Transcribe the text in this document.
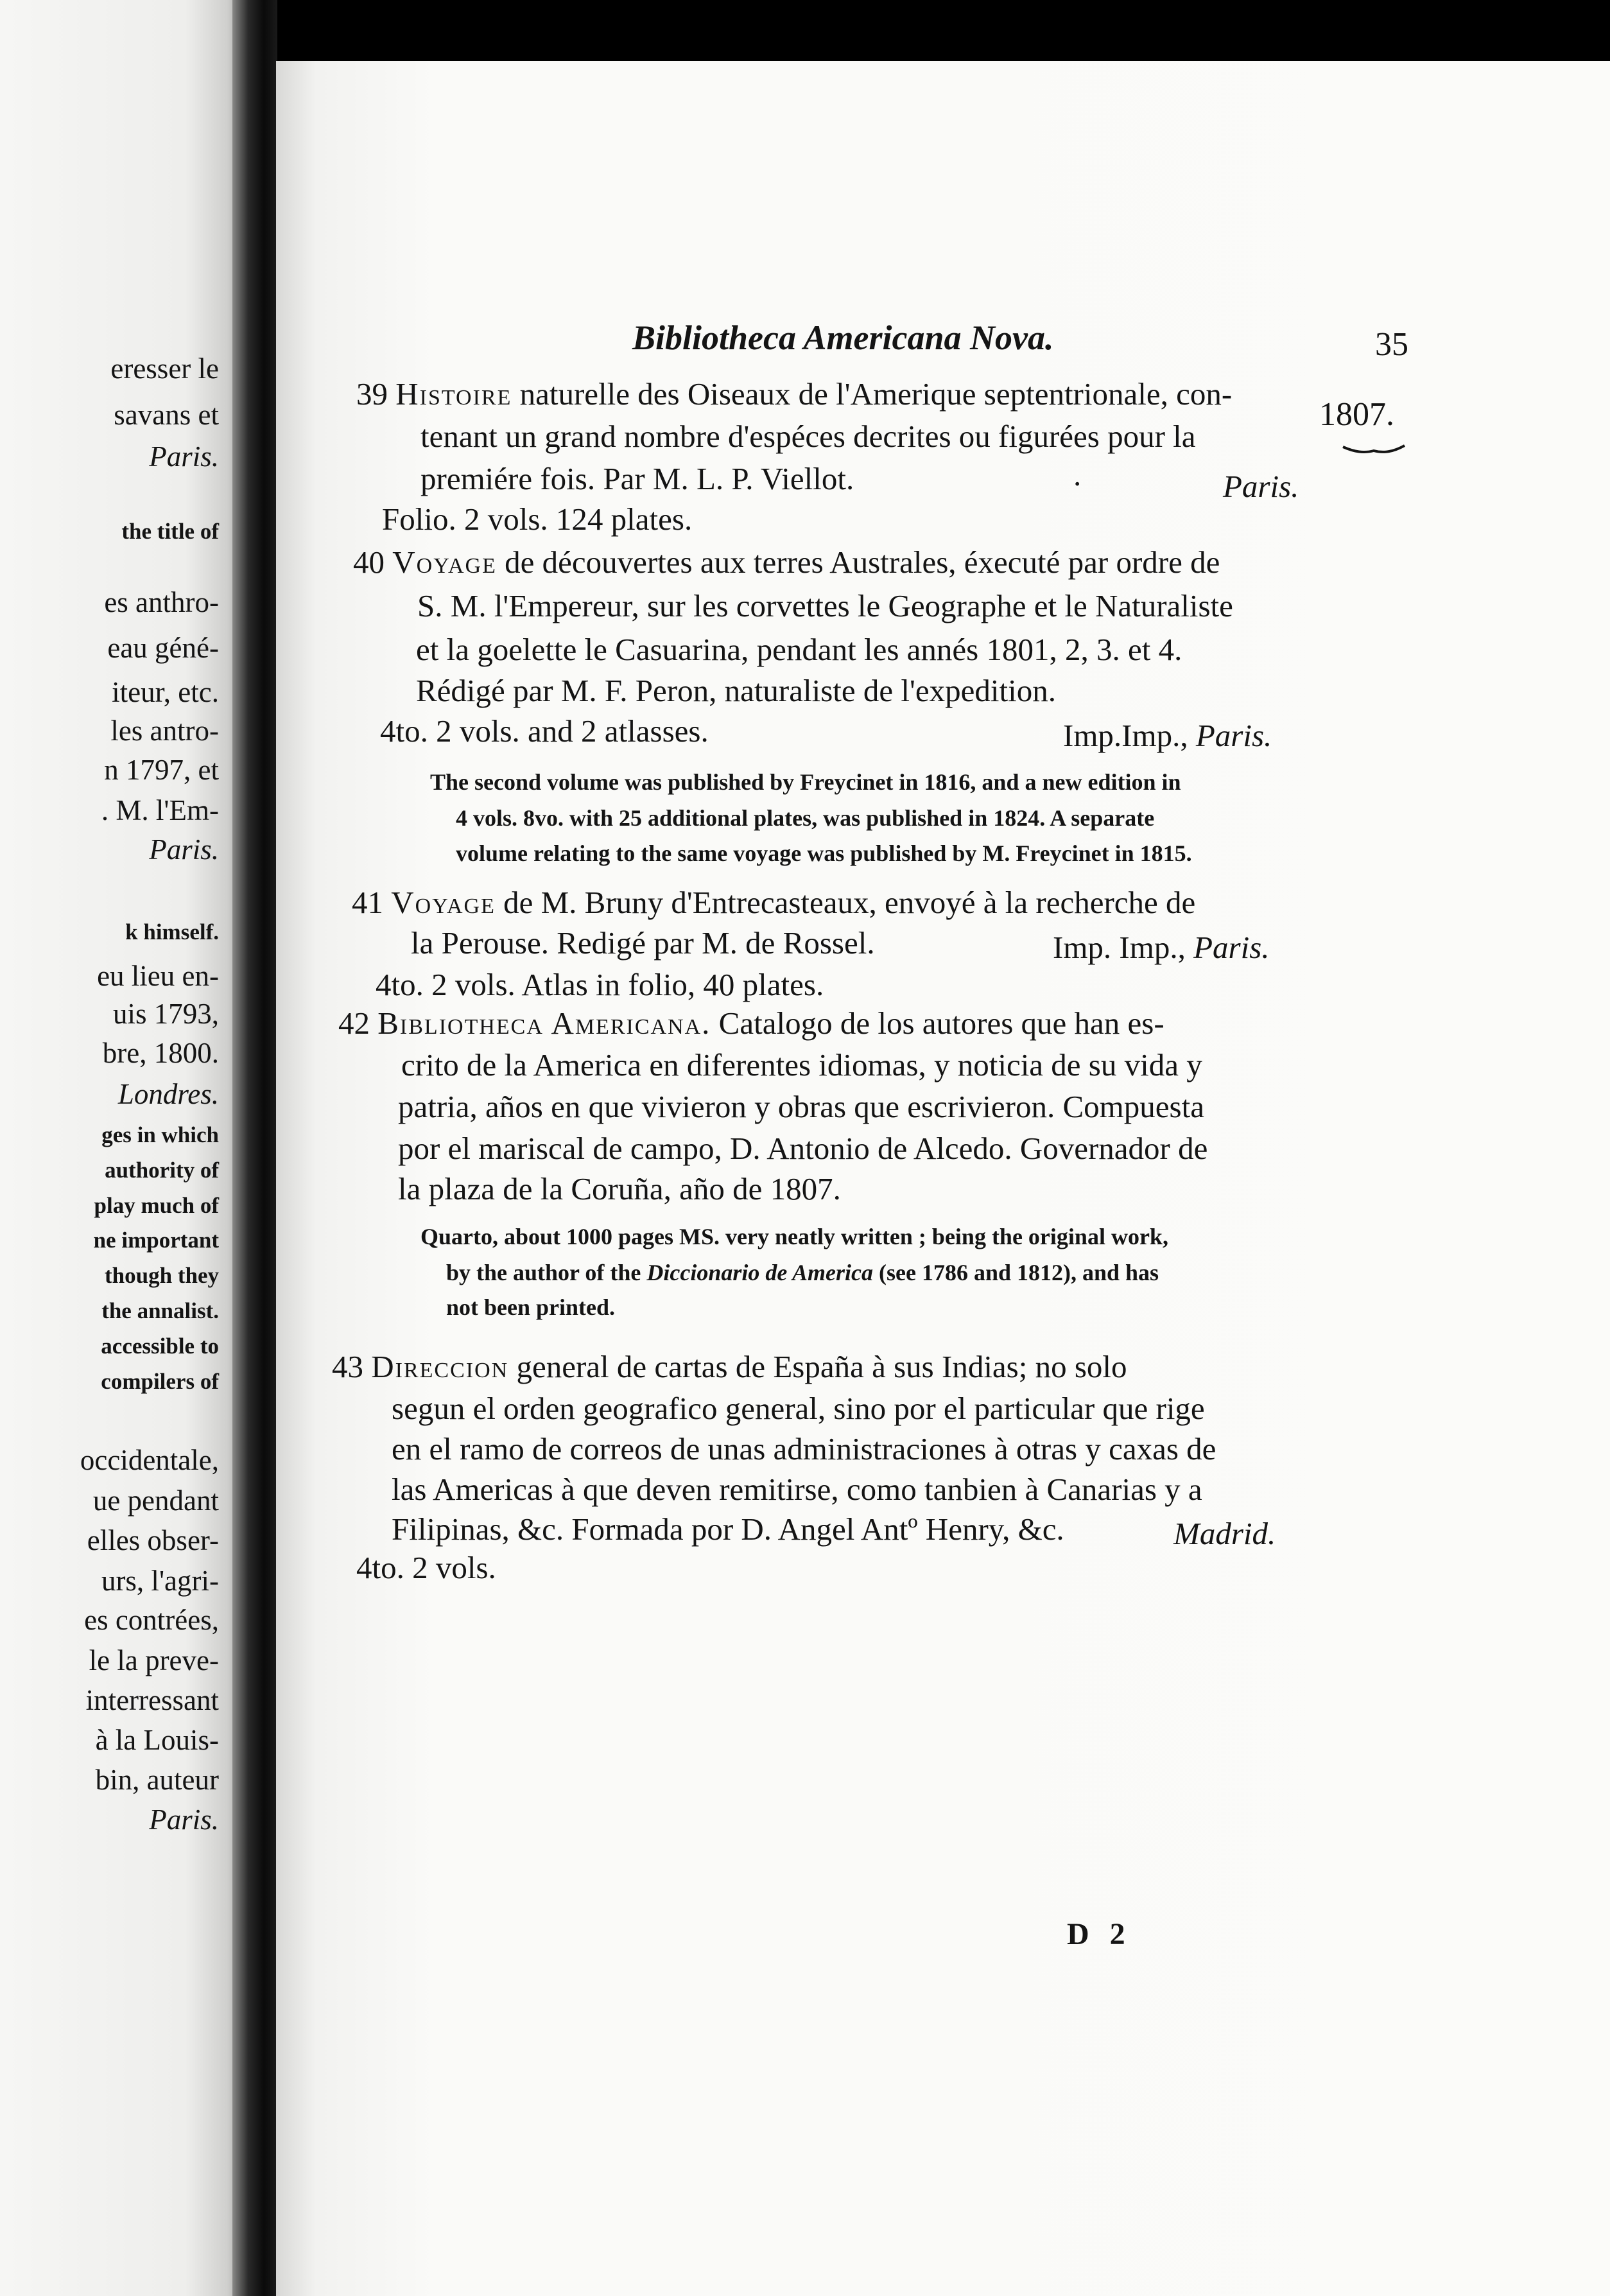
eresser le
savans et
Paris.
the title of
es anthro-
eau géné-
iteur, etc.
les antro-
n 1797, et
. M. l'Em-
Paris.
k himself.
eu lieu en-
uis 1793,
bre, 1800.
Londres.
ges in which
authority of
play much of
ne important
though they
the annalist.
accessible to
compilers of
occidentale,
ue pendant
elles obser-
urs, l'agri-
es contrées,
le la preve-
interressant
à la Louis-
bin, auteur
Paris.
Bibliotheca Americana Nova.	35
1807.
39 Histoire naturelle des Oiseaux de l'Amerique septentrionale, con-
tenant un grand nombre d'espéces decrites ou figurées pour la
premiére fois. Par M. L. P. Viellot.	·	Paris.
Folio. 2 vols. 124 plates.
40 Voyage de découvertes aux terres Australes, éxecuté par ordre de
S. M. l'Empereur, sur les corvettes le Geographe et le Naturaliste
et la goelette le Casuarina, pendant les annés 1801, 2, 3. et 4.
Rédigé par M. F. Peron, naturaliste de l'expedition.
4to. 2 vols. and 2 atlasses.	Imp.Imp., Paris.
The second volume was published by Freycinet in 1816, and a new edition in
4 vols. 8vo. with 25 additional plates, was published in 1824. A separate
volume relating to the same voyage was published by M. Freycinet in 1815.
41 Voyage de M. Bruny d'Entrecasteaux, envoyé à la recherche de
la Perouse. Redigé par M. de Rossel.	Imp. Imp., Paris.
4to. 2 vols. Atlas in folio, 40 plates.
42 Bibliotheca Americana. Catalogo de los autores que han es-
crito de la America en diferentes idiomas, y noticia de su vida y
patria, años en que vivieron y obras que escrivieron. Compuesta
por el mariscal de campo, D. Antonio de Alcedo. Governador de
la plaza de la Coruña, año de 1807.
Quarto, about 1000 pages MS. very neatly written ; being the original work,
by the author of the Diccionario de America (see 1786 and 1812), and has
not been printed.
43 Direccion general de cartas de España à sus Indias; no solo
segun el orden geografico general, sino por el particular que rige
en el ramo de correos de unas administraciones à otras y caxas de
las Americas à que deven remitirse, como tanbien à Canarias y a
Filipinas, &c. Formada por D. Angel Antº Henry, &c.	Madrid.
4to. 2 vols.
D 2
